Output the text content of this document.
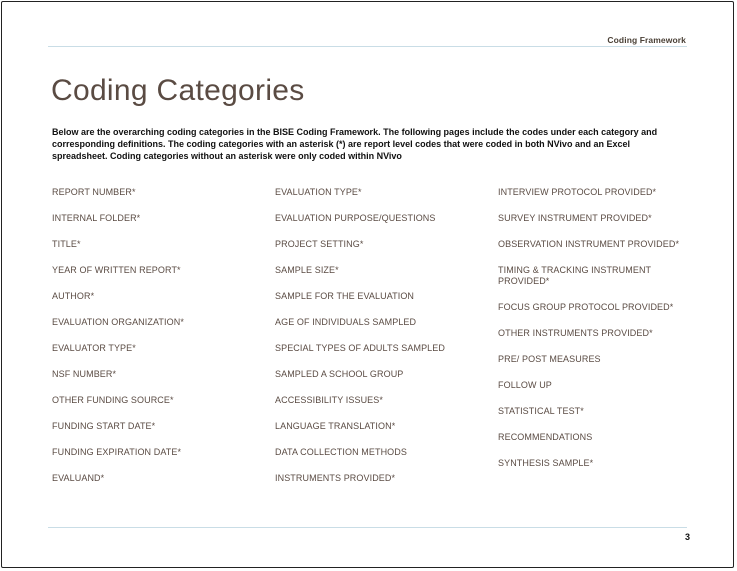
Coding Framework
Coding Categories

Below are the overarching coding categories in the BISE Coding Framework. The following pages include the codes under each category and corresponding definitions. The coding categories with an asterisk (*) are report level codes that were coded in both NVivo and an Excel spreadsheet. Coding categories without an asterisk were only coded within NVivo

REPORT NUMBER*
INTERNAL FOLDER*
TITLE*
YEAR OF WRITTEN REPORT*
AUTHOR*
EVALUATION ORGANIZATION*
EVALUATOR TYPE*
NSF NUMBER*
OTHER FUNDING SOURCE*
FUNDING START DATE*
FUNDING EXPIRATION DATE*
EVALUAND*
EVALUATION TYPE*
EVALUATION PURPOSE/QUESTIONS
PROJECT SETTING*
SAMPLE SIZE*
SAMPLE FOR THE EVALUATION
AGE OF INDIVIDUALS SAMPLED
SPECIAL TYPES OF ADULTS SAMPLED
SAMPLED A SCHOOL GROUP
ACCESSIBILITY ISSUES*
LANGUAGE TRANSLATION*
DATA COLLECTION METHODS
INSTRUMENTS PROVIDED*
INTERVIEW PROTOCOL PROVIDED*
SURVEY INSTRUMENT PROVIDED*
OBSERVATION INSTRUMENT PROVIDED*
TIMING & TRACKING INSTRUMENT PROVIDED*
FOCUS GROUP PROTOCOL PROVIDED*
OTHER INSTRUMENTS PROVIDED*
PRE/ POST MEASURES
FOLLOW UP
STATISTICAL TEST*
RECOMMENDATIONS
SYNTHESIS SAMPLE*
3
